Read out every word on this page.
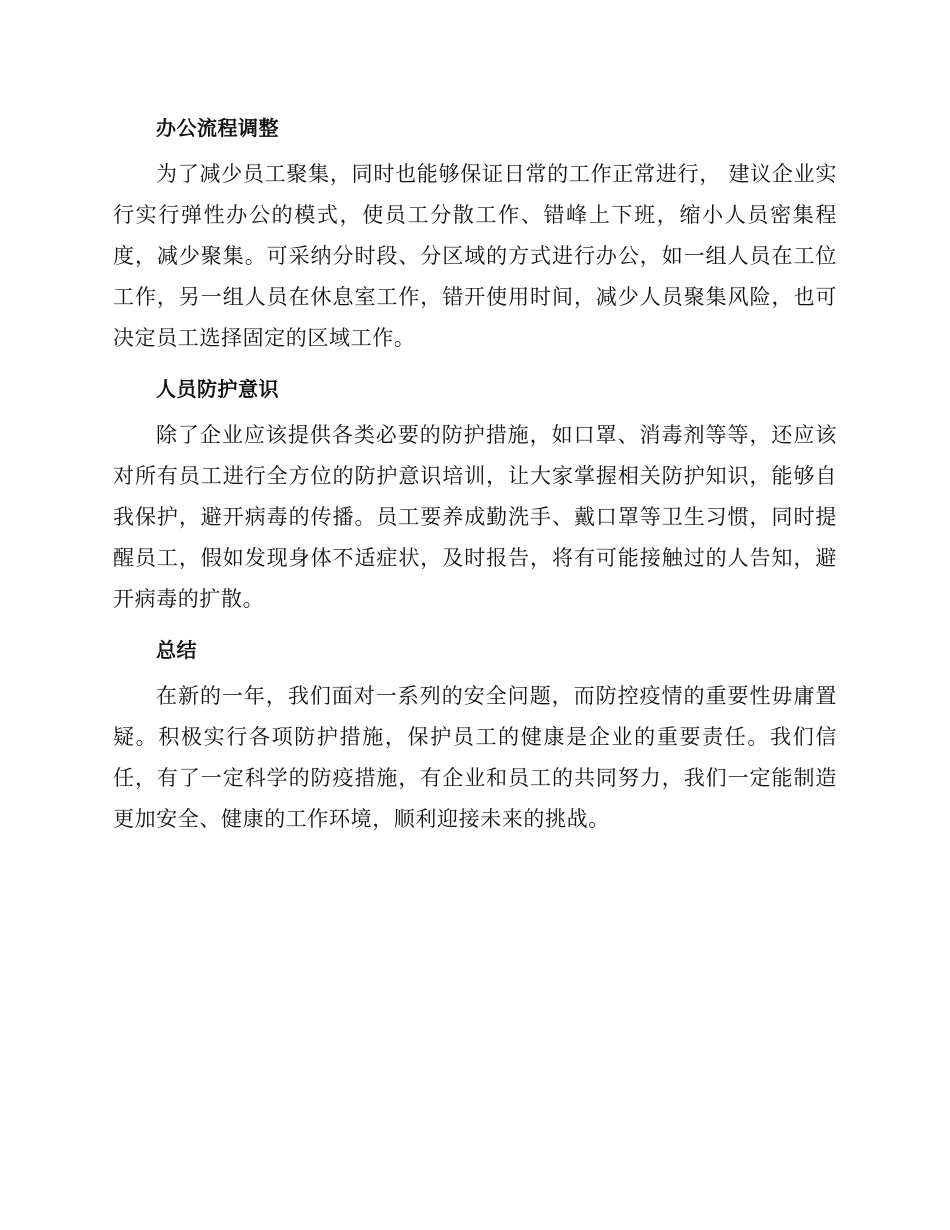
办公流程调整

为了减少员工聚集，同时也能够保证日常的工作正常进行， 建议企业实行实行弹性办公的模式，使员工分散工作、错峰上下班，缩小人员密集程度，减少聚集。可采纳分时段、分区域的方式进行办公，如一组人员在工位工作，另一组人员在休息室工作，错开使用时间，减少人员聚集风险，也可决定员工选择固定的区域工作。

人员防护意识

除了企业应该提供各类必要的防护措施，如口罩、消毒剂等等，还应该对所有员工进行全方位的防护意识培训，让大家掌握相关防护知识，能够自我保护，避开病毒的传播。员工要养成勤洗手、戴口罩等卫生习惯，同时提醒员工，假如发现身体不适症状，及时报告，将有可能接触过的人告知，避开病毒的扩散。

总结

在新的一年，我们面对一系列的安全问题，而防控疫情的重要性毋庸置疑。积极实行各项防护措施，保护员工的健康是企业的重要责任。我们信任，有了一定科学的防疫措施，有企业和员工的共同努力，我们一定能制造更加安全、健康的工作环境，顺利迎接未来的挑战。
